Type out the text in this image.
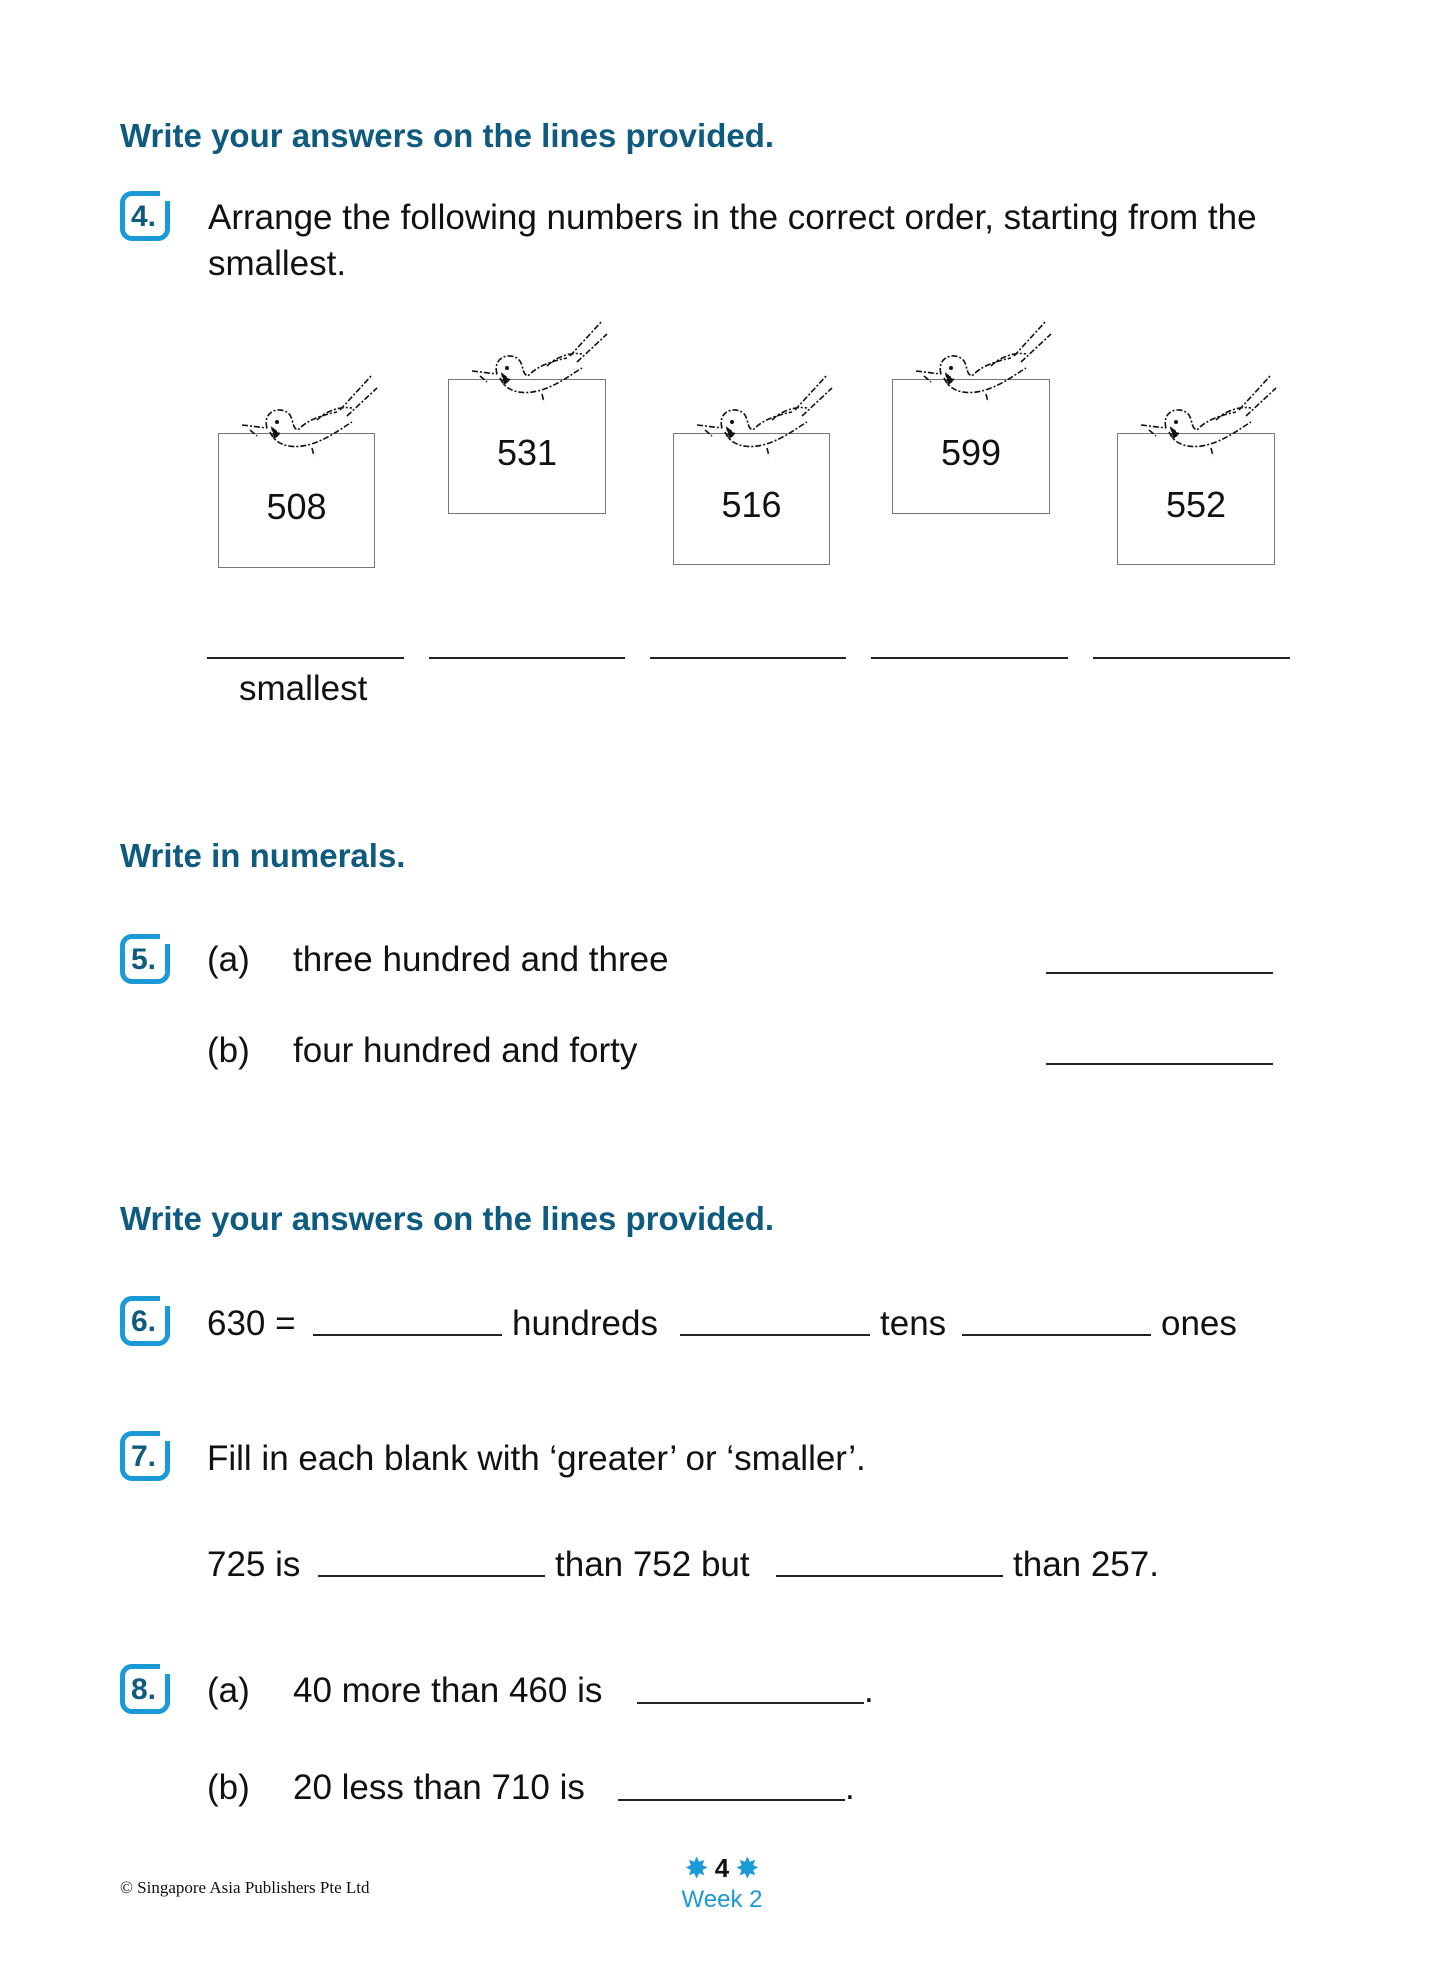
Write your answers on the lines provided.
4. Arrange the following numbers in the correct order, starting from the
smallest.
508
531
516
599
552
smallest
Write in numerals.
5. (a) three hundred and three
(b) four hundred and forty
Write your answers on the lines provided.
6. 630 =	hundreds	tens	ones
7. Fill in each blank with ‘greater’ or ‘smaller’.
725 is	than 752 but	than 257.
8. (a) 40 more than 460 is	.
(b) 20 less than 710 is	.
© Singapore Asia Publishers Pte Ltd
✸ 4 ✸
Week 2
